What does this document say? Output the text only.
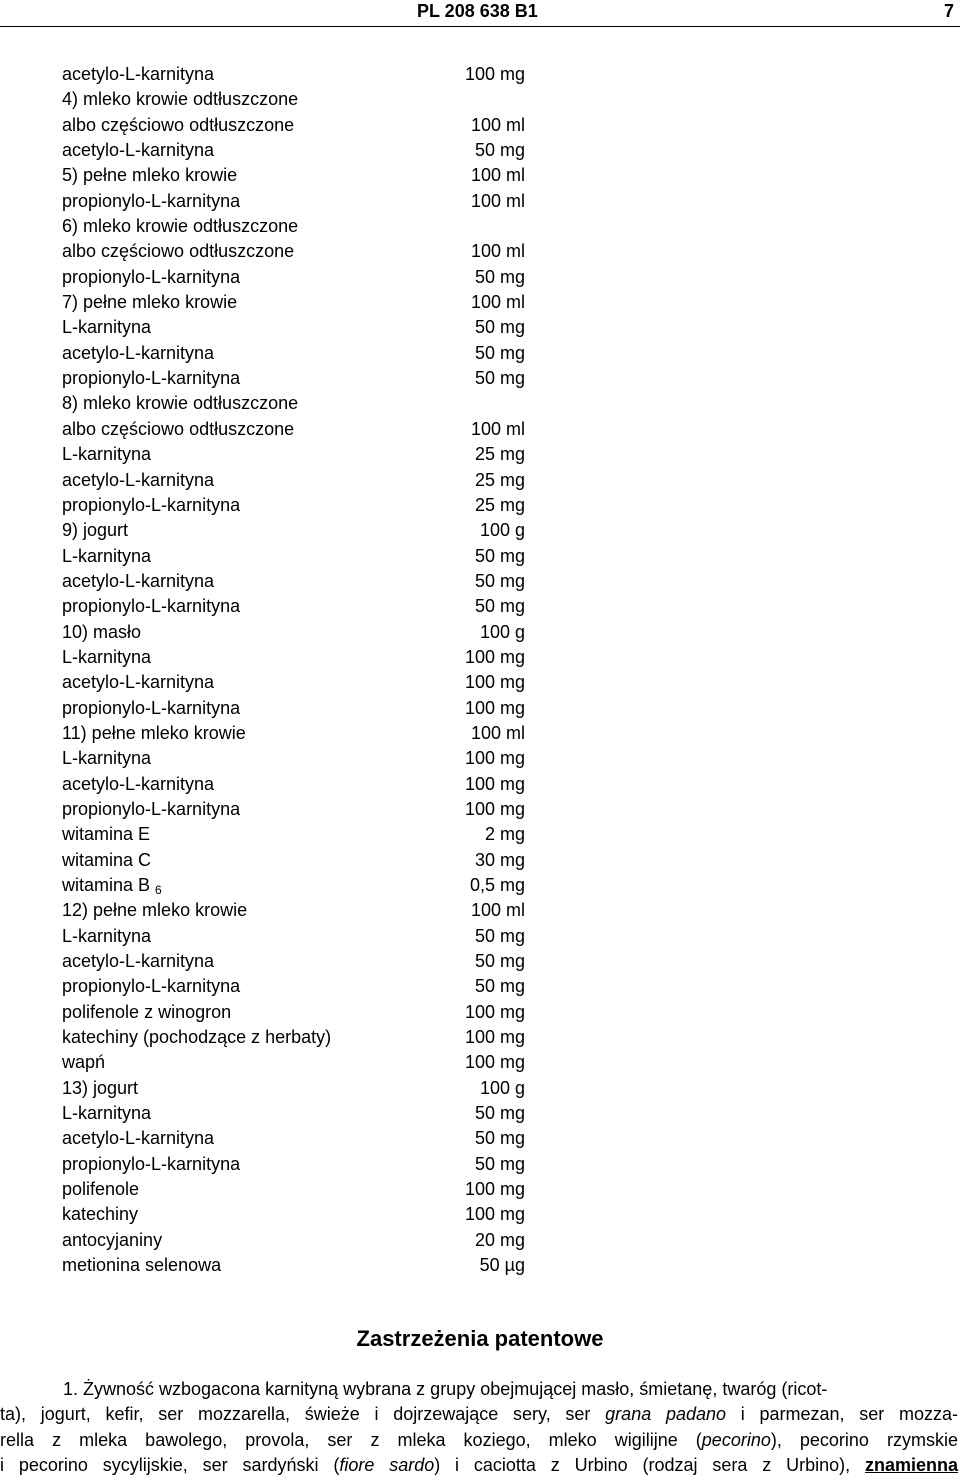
PL 208 638 B1	7
acetylo-L-karnityna	100 mg
4) mleko krowie odtłuszczone
albo częściowo odtłuszczone	100 ml
acetylo-L-karnityna	50 mg
5) pełne mleko krowie	100 ml
propionylo-L-karnityna	100 ml
6) mleko krowie odtłuszczone
albo częściowo odtłuszczone	100 ml
propionylo-L-karnityna	50 mg
7) pełne mleko krowie	100 ml
L-karnityna	50 mg
acetylo-L-karnityna	50 mg
propionylo-L-karnityna	50 mg
8) mleko krowie odtłuszczone
albo częściowo odtłuszczone	100 ml
L-karnityna	25 mg
acetylo-L-karnityna	25 mg
propionylo-L-karnityna	25 mg
9) jogurt	100 g
L-karnityna	50 mg
acetylo-L-karnityna	50 mg
propionylo-L-karnityna	50 mg
10) masło	100 g
L-karnityna	100 mg
acetylo-L-karnityna	100 mg
propionylo-L-karnityna	100 mg
11) pełne mleko krowie	100 ml
L-karnityna	100 mg
acetylo-L-karnityna	100 mg
propionylo-L-karnityna	100 mg
witamina E	2 mg
witamina C	30 mg
witamina B $_6$	0,5 mg
12) pełne mleko krowie	100 ml
L-karnityna	50 mg
acetylo-L-karnityna	50 mg
propionylo-L-karnityna	50 mg
polifenole z winogron	100 mg
katechiny (pochodzące z herbaty)	100 mg
wapń	100 mg
13) jogurt	100 g
L-karnityna	50 mg
acetylo-L-karnityna	50 mg
propionylo-L-karnityna	50 mg
polifenole	100 mg
katechiny	100 mg
antocyjaniny	20 mg
metionina selenowa	50 µg
Zastrzeżenia patentowe
1. Żywność wzbogacona karnityną wybrana z grupy obejmującej masło, śmietanę, twaróg (ricot-
ta), jogurt, kefir, ser mozzarella, świeże i dojrzewające sery, ser grana padano i parmezan, ser mozza-
rella z mleka bawolego, provola, ser z mleka koziego, mleko wigilijne (pecorino), pecorino rzymskie
i pecorino sycylijskie, ser sardyński (fiore sardo) i caciotta z Urbino (rodzaj sera z Urbino), znamienna
